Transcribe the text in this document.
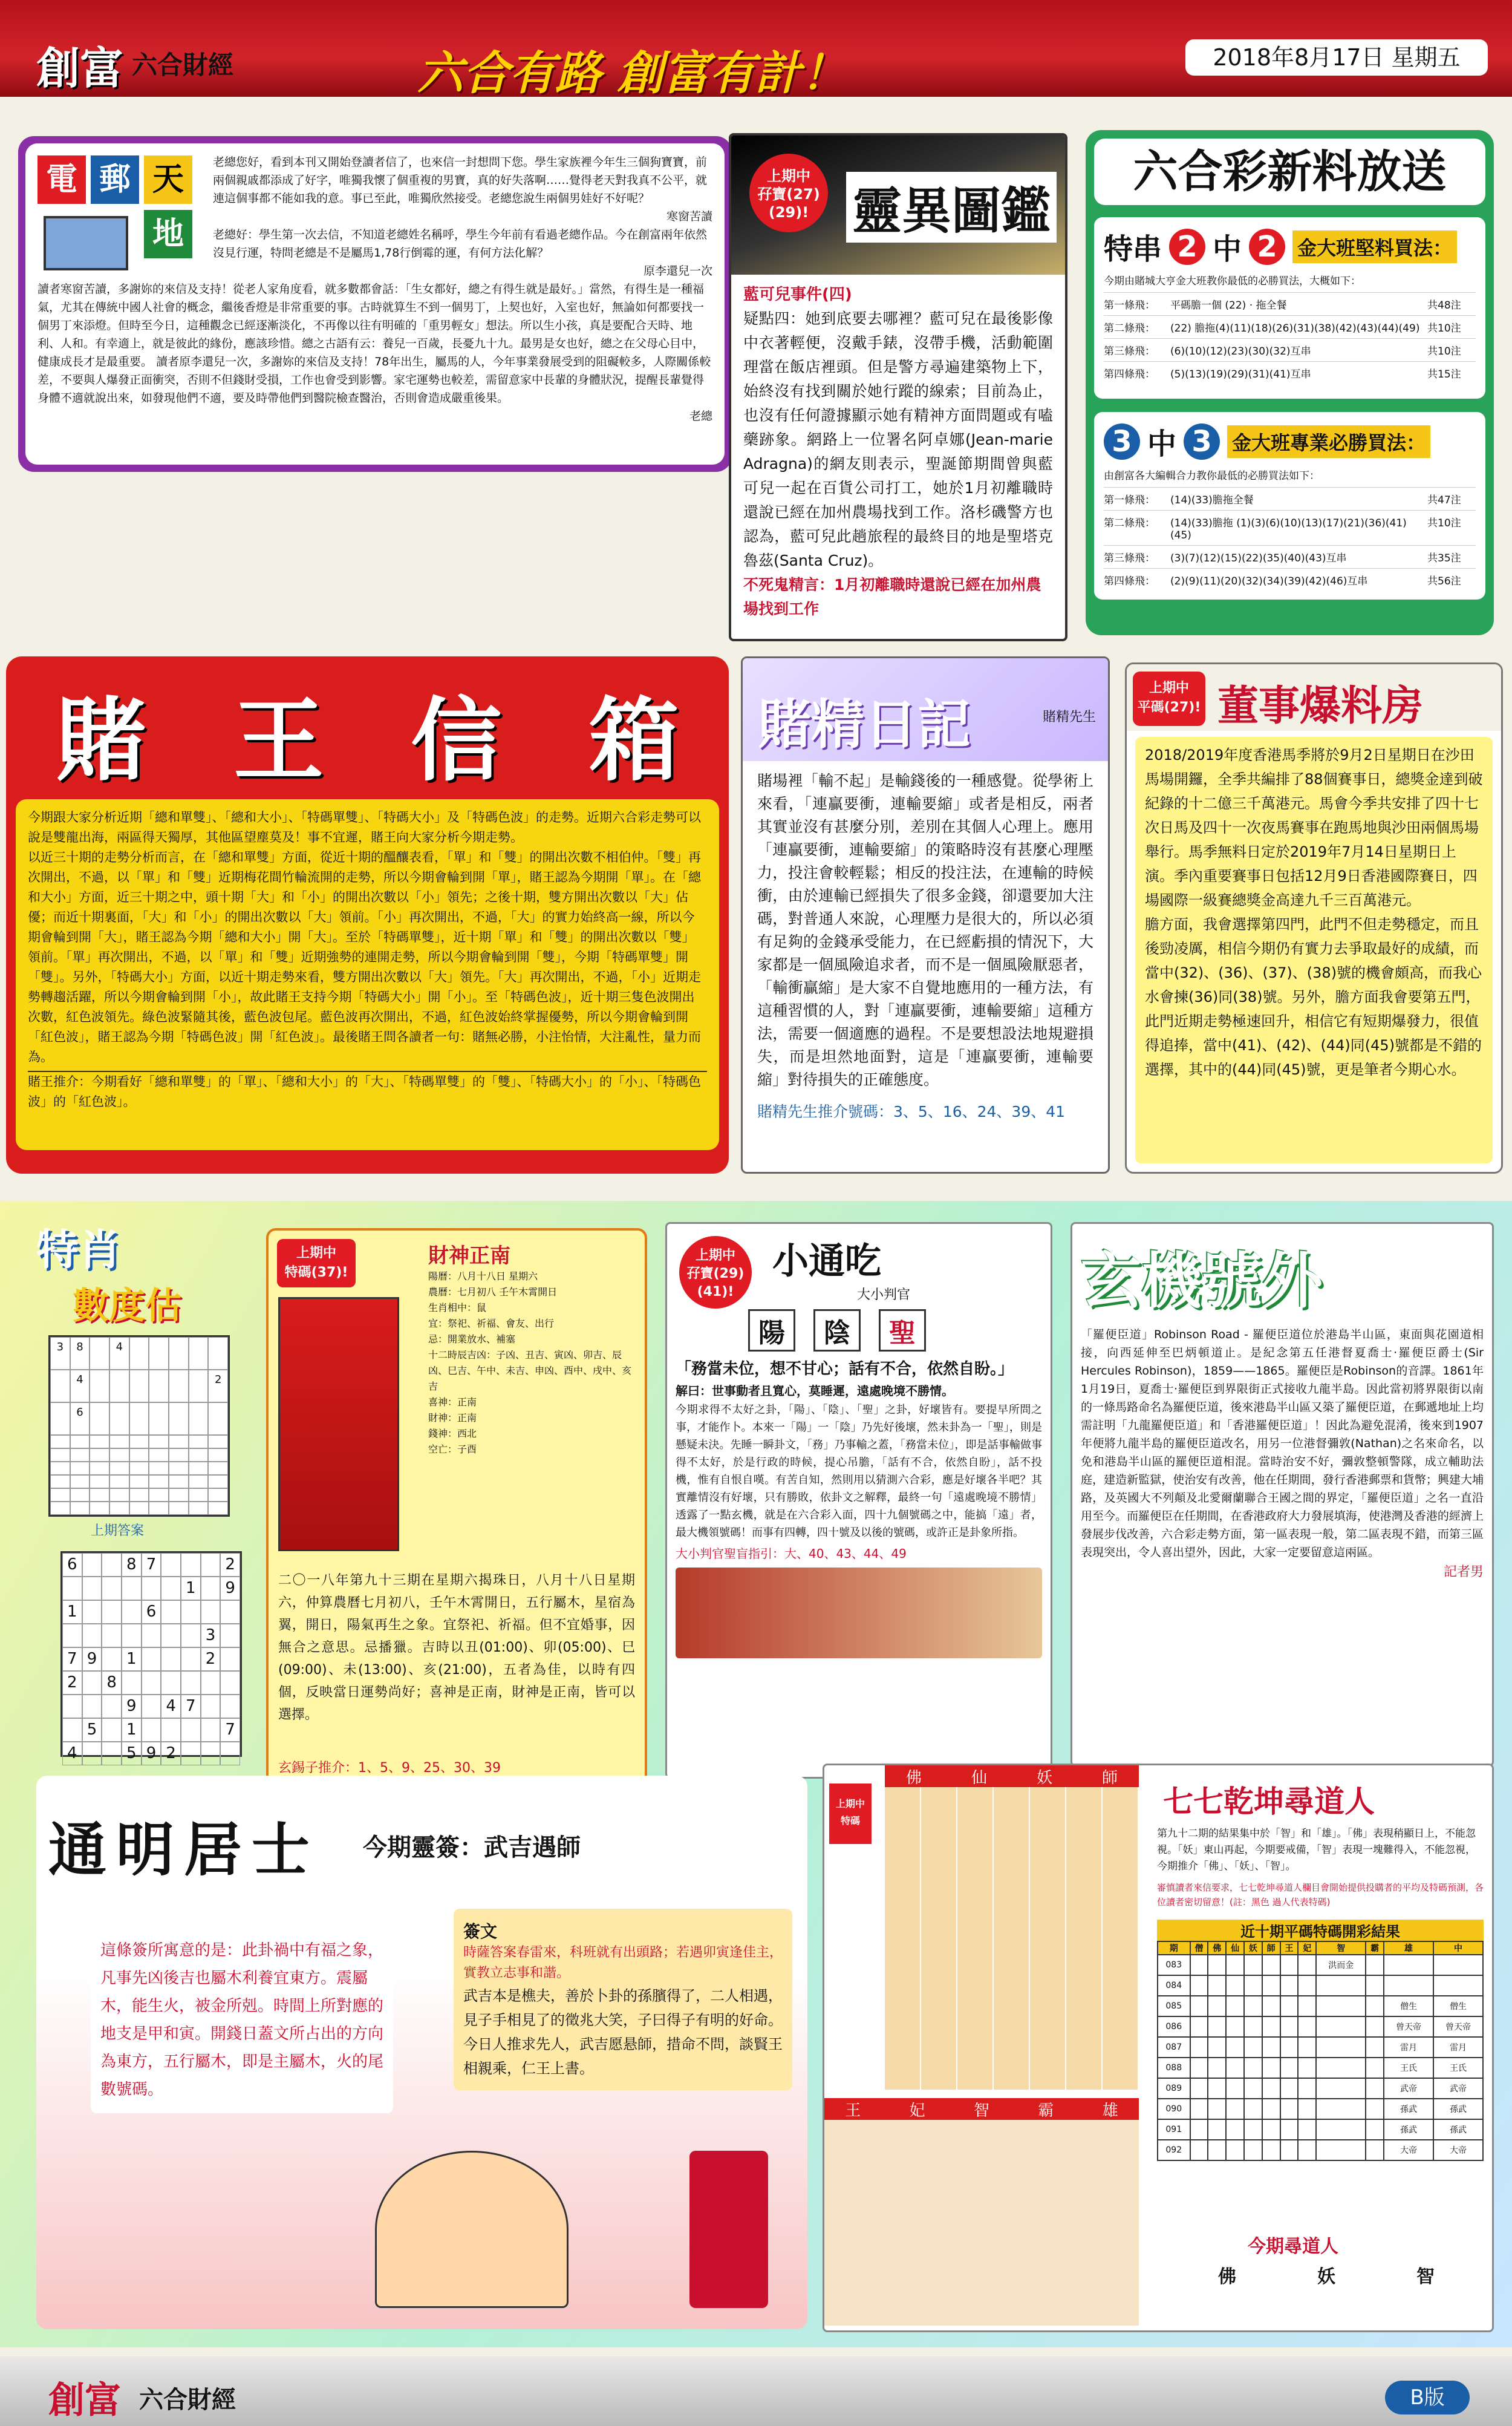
創富 六合財經	六合有路 創富有計！	2018年8月17日 星期五
電 郵 天
地
老總您好，看到本刊又開始登讀者信了，也來信一封想問下您。學生家族裡今年生三個狗寶寶，前兩個親戚都添成了好字，唯獨我懷了個重複的男寶，真的好失落啊……覺得老天對我真不公平，就連這個事都不能如我的意。事已至此，唯獨欣然接受。老總您說生兩個男娃好不好呢？
寒窗苦讀
老總好：學生第一次去信，不知道老總姓名稱呼，學生今年前有看過老總作品。今在創富兩年依然沒見行運，特問老總是不是屬馬1,78行倒霉的運，有何方法化解？
原李還兒一次
讀者寒窗苦讀，多謝妳的來信及支持！從老人家角度看，就多數都會話：「生女都好，總之有得生就是最好。」當然，有得生是一種福氣，尤其在傳統中國人社會的概念，繼後香燈是非常重要的事。古時就算生不到一個男丁，上契也好，入室也好，無論如何都要找一個男丁來添燈。但時至今日，這種觀念已經逐漸淡化，不再像以往有明確的「重男輕女」想法。所以生小孩，真是要配合天時、地利、人和。有幸適上，就是彼此的緣份，應該珍惜。總之古語有云：養兒一百歲，長憂九十九。最男是女也好，總之在父母心目中，健康成長才是最重要。 讀者原李還兒一次，多謝妳的來信及支持！78年出生，屬馬的人，今年事業發展受到的阻礙較多，人際關係較差，不要與人爆發正面衝突，否則不但錢財受損，工作也會受到影響。家宅運勢也較差，需留意家中長輩的身體狀況，提醒長輩覺得身體不適就說出來，如發現他們不適，要及時帶他們到醫院檢查醫治，否則會造成嚴重後果。
老總
上期中
孖寶(27)
(29)! 靈異圖鑑
藍可兒事件(四)
疑點四：她到底要去哪裡？藍可兒在最後影像中衣著輕便，沒戴手錶，沒帶手機，活動範圍理當在飯店裡頭。但是警方尋遍建築物上下，始終沒有找到關於她行蹤的線索；目前為止，也沒有任何證據顯示她有精神方面問題或有嗑藥跡象。網路上一位署名阿卓娜(Jean-marie Adragna)的網友則表示，聖誕節期間曾與藍可兒一起在百貨公司打工，她於1月初離職時還說已經在加州農場找到工作。洛杉磯警方也認為，藍可兒此趟旅程的最終目的地是聖塔克魯茲(Santa Cruz)。
不死鬼精言：1月初離職時還說已經在加州農場找到工作
六合彩新料放送
特串 2 中 2	金大班堅料買法：
今期由賭城大亨金大班教你最低的必勝買法，大概如下：
第一條飛：	平碼膽一個 (22) · 拖全餐	共48注
第二條飛：	(22) 膽拖(4)(11)(18)(26)(31)(38)(42)(43)(44)(49) 共10注
第三條飛：	(6)(10)(12)(23)(30)(32)互串	共10注
第四條飛：	(5)(13)(19)(29)(31)(41)互串	共15注
3 中 3	金大班專業必勝買法：
由創富各大編輯合力教你最低的必勝買法如下：
第一條飛：	(14)(33)膽拖全餐	共47注
第二條飛：	(14)(33)膽拖 (1)(3)(6)(10)(13)(17)(21)(36)(41)(45)
共10注
第三條飛：	(3)(7)(12)(15)(22)(35)(40)(43)互串	共35注
第四條飛：	(2)(9)(11)(20)(32)(34)(39)(42)(46)互串	共56注
賭 王 信 箱
今期跟大家分析近期「總和單雙」、「總和大小」、「特碼單雙」、「特碼大小」及「特碼色波」的走勢。近期六合彩走勢可以說是雙龍出海，兩區得天獨厚，其他區望塵莫及！事不宜遲，賭王向大家分析今期走勢。
以近三十期的走勢分析而言，在「總和單雙」方面，從近十期的醞釀表看，「單」和「雙」的開出次數不相伯仲。「雙」再次開出，不過，以「單」和「雙」近期梅花間竹輪流開的走勢，所以今期會輪到開「單」，賭王認為今期開「單」。在「總和大小」方面，近三十期之中，頭十期「大」和「小」的開出次數以「小」領先；之後十期，雙方開出次數以「大」佔優；而近十期裏面，「大」和「小」的開出次數以「大」領前。「小」再次開出，不過，「大」的實力始終高一線，所以今期會輪到開「大」，賭王認為今期「總和大小」開「大」。至於「特碼單雙」，近十期「單」和「雙」的開出次數以「雙」領前。「單」再次開出，不過，以「單」和「雙」近期強勢的連開走勢，所以今期會輪到開「雙」，今期「特碼單雙」開「雙」。另外，「特碼大小」方面，以近十期走勢來看，雙方開出次數以「大」領先。「大」再次開出，不過，「小」近期走勢轉趨活躍，所以今期會輪到開「小」，故此賭王支持今期「特碼大小」開「小」。至「特碼色波」，近十期三隻色波開出次數，紅色波領先。綠色波緊隨其後，藍色波包尾。藍色波再次開出，不過，紅色波始終掌握優勢，所以今期會輪到開「紅色波」，賭王認為今期「特碼色波」開「紅色波」。最後賭王問各讀者一句：賭無必勝，小注怡情，大注亂性，量力而為。
賭王推介：今期看好「總和單雙」的「單」、「總和大小」的「大」、「特碼單雙」的「雙」、「特碼大小」的「小」、「特碼色波」的「紅色波」。
賭精日記	賭精先生
賭場裡「輸不起」是輸錢後的一種感覺。從學術上來看，「連贏要衝，連輸要縮」或者是相反，兩者其實並沒有甚麼分別，差別在其個人心理上。應用「連贏要衝，連輸要縮」的策略時沒有甚麼心理壓力，投注會較輕鬆；相反的投注法，在連輸的時候衝，由於連輸已經損失了很多金錢，卻還要加大注碼，對普通人來說，心理壓力是很大的，所以必須有足夠的金錢承受能力，在已經虧損的情況下，大家都是一個風險追求者，而不是一個風險厭惡者，「輸衝贏縮」是大家不自覺地應用的一種方法，有這種習慣的人，對「連贏要衝，連輸要縮」這種方法，需要一個適應的過程。不是要想設法地規避損失，而是坦然地面對，這是「連贏要衝，連輸要縮」對待損失的正確態度。
賭精先生推介號碼：3、5、16、24、39、41
上期中
平碼(27)! 董事爆料房
2018/2019年度香港馬季將於9月2日星期日在沙田馬場開鑼，全季共編排了88個賽事日，總獎金達到破紀錄的十二億三千萬港元。馬會今季共安排了四十七次日馬及四十一次夜馬賽事在跑馬地與沙田兩個馬場舉行。馬季無料日定於2019年7月14日星期日上演。季內重要賽事日包括12月9日香港國際賽日，四場國際一級賽總獎金高達九千三百萬港元。
膽方面，我會選擇第四門，此門不但走勢穩定，而且後勁凌厲，相信今期仍有實力去爭取最好的成績，而當中(32)、(36)、(37)、(38)號的機會頗高，而我心水會揀(36)同(38)號。另外，膽方面我會要第五門，此門近期走勢極速回升，相信它有短期爆發力，很值得追捧，當中(41)、(42)、(44)同(45)號都是不錯的選擇，其中的(44)同(45)號，更是筆者今期心水。
特肖
數度估
3	8	4
4	2
6
上期答案
6	8 7	2
1	9
1	6
3
7 9	1	2
2	8
9	4 7
5	1	7
4	5 9 2
上期中
特碼(37)!
財神正南
陽曆：八月十八日 星期六
農曆：七月初八 壬午木霄開日
生肖相中：鼠
宜：祭祀、祈福、會友、出行
忌：開業放水、補塞
十二時辰吉凶：子凶、丑吉、寅凶、卯吉、辰凶、巳吉、午中、未吉、申凶、酉中、戌中、亥吉
喜神：正南
財神：正南
錢神：西北
空亡：子酉
二〇一八年第九十三期在星期六揭珠日，八月十八日星期六，仲算農曆七月初八，壬午木霄開日，五行屬木，星宿為翼，開日，陽氣再生之象。宜祭祀、祈福。但不宜婚事，因無合之意思。忌播獵。吉時以丑(01:00)、卯(05:00)、巳(09:00)、未(13:00)、亥(21:00)，五者為佳，以時有四個，反映當日運勢尚好；喜神是正南，財神是正南，皆可以選擇。
玄錫子推介：1、5、9、25、30、39
上期中
孖寶(29)
(41)!
小通吃
大小判官
陽	陰	聖
「務當未位，想不甘心；話有不合，依然自盼。」
解曰：世事動者且寬心，莫睡遲，遠處晚境不勝情。
今期求得不太好之卦，「陽」、「陰」、「聖」之卦，好壞皆有。要提早所問之事，才能作卜。本來一「陽」一「陰」乃先好後壞，然未卦為一「聖」，則是懸疑未決。先睡一瞬卦文，「務」乃事輸之蓋，「務當未位」，即是話事輸做事得不太好，於是行政的時候，提心吊膽，「話有不合，依然自盼」，話不投機，惟有自恨自嘆。有苦自知，然則用以猜測六合彩，應是好壞各半吧？其實離情沒有好壞，只有勝敗，依卦文之解釋，最終一句「遠處晚境不勝情」透露了一點玄機，就是在六合彩入面，四十九個號碼之中，能搞「遠」者，最大機領號碼！而事有四轉，四十號及以後的號碼，或許正是卦象所指。
大小判官聖盲指引：大、40、43、44、49
玄機號外
「羅便臣道」Robinson Road - 羅便臣道位於港島半山區，東面與花園道相接，向西延伸至巴炳頓道止。是紀念第五任港督夏喬士‧羅便臣爵士(Sir Hercules Robinson)，1859——1865。羅便臣是Robinson的音譯。1861年1月19日，夏喬士‧羅便臣到界限街正式接收九龍半島。因此當初將界限街以南的一條馬路命名為羅便臣道，後來港島半山區又築了羅便臣道，在郵遞地址上均需註明「九龍羅便臣道」和「香港羅便臣道」！因此為避免混淆，後來到1907年便將九龍半島的羅便臣道改名，用另一位港督彌敦(Nathan)之名來命名，以免和港島半山區的羅便臣道相混。當時治安不好，彌敦整頓警隊，成立輔助法庭，建造新監獄，使治安有改善，他在任期間，發行香港郵票和貨幣；興建大埔路，及英國大不列顛及北愛爾蘭聯合王國之間的界定，「羅便臣道」之名一直沿用至今。而羅便臣在任期間，在香港政府大力發展填海，使港灣及香港的經濟上發展步伐改善，六合彩走勢方面，第一區表現一般，第二區表現不錯，而第三區表現突出，令人喜出望外，因此，大家一定要留意這兩區。
記者男
通明居士 今期靈簽：武吉遇師
這條簽所寓意的是：此卦禍中有福之象，凡事先凶後吉也屬木利養宜東方。震屬木，能生火，被金所剋。時間上所對應的地支是甲和寅。開錢日蓋文所占出的方向為東方，五行屬木，即是主屬木，火的尾數號碼。
簽文
時薩答案春雷來，科班就有出頭路；若遇卯寅逢佳主，實教立志事和諧。
武吉本是樵夫，善於卜卦的孫臏得了，二人相遇，見子手相見了的徵兆大笑，子曰得子有明的好命。今日人推求先人，武吉愿悬師，措命不問，談賢王相親乘，仁王上書。
上期中
特碼
佛	仙	妖	師
王	妃	智	霸	雄
七七乾坤尋道人
第九十二期的結果集中於「智」和「雄」。「佛」表現稍顯日上，不能忽視。「妖」東山再起，今期要戒備，「智」表現一塊難得入，不能忽視，今期推介「佛」、「妖」、「智」。
審慎讀者來信要求，七七乾坤尋道人欄目會開始提供投購者的平均及特碼預測，各位讀者密切留意！(註：黑色 過人代表特碼)
近十期平碼特碼開彩結果
期	僧	佛	仙	妖	師	王	妃	智	霸	雄	中
083								洪而金			
084											
085										僧生	僧生
086										曾天帝	曾天帝
087										雷月	雷月
088										王氏	王氏
089										武帝	武帝
090										孫武	孫武
091										孫武	孫武
092										大帝	大帝
今期尋道人
佛	妖	智
創富 六合財經	B版
